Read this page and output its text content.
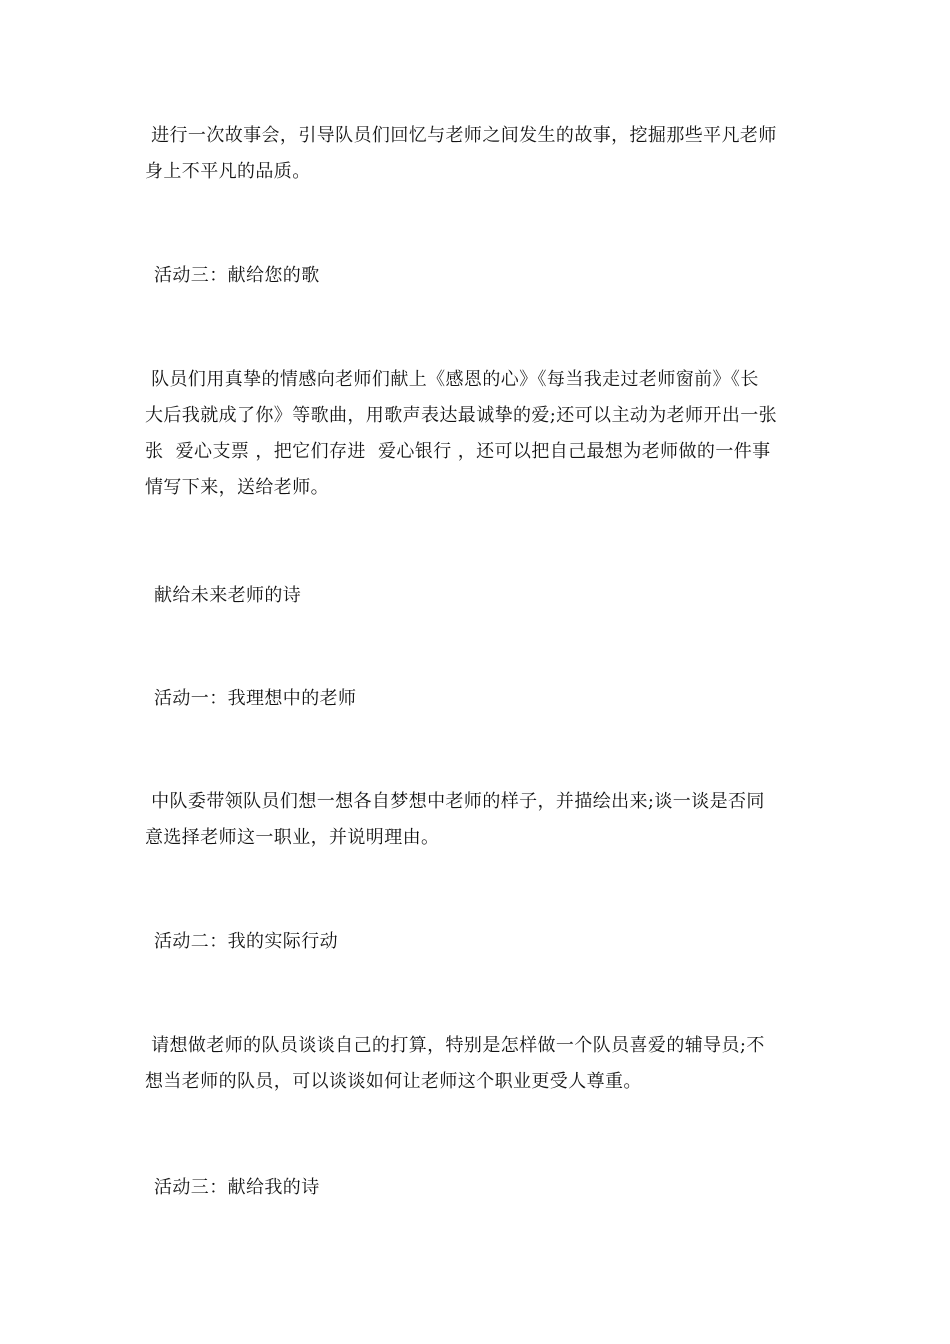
进行一次故事会，引导队员们回忆与老师之间发生的故事，挖掘那些平凡老师
身上不平凡的品质。
活动三：献给您的歌
队员们用真挚的情感向老师们献上《感恩的心》《每当我走过老师窗前》《长
大后我就成了你》等歌曲，用歌声表达最诚挚的爱;还可以主动为老师开出一张
张  爱心支票 ，把它们存进  爱心银行 ，还可以把自己最想为老师做的一件事
情写下来，送给老师。
献给未来老师的诗
活动一：我理想中的老师
中队委带领队员们想一想各自梦想中老师的样子，并描绘出来;谈一谈是否同
意选择老师这一职业，并说明理由。
活动二：我的实际行动
请想做老师的队员谈谈自己的打算，特别是怎样做一个队员喜爱的辅导员;不
想当老师的队员，可以谈谈如何让老师这个职业更受人尊重。
活动三：献给我的诗
